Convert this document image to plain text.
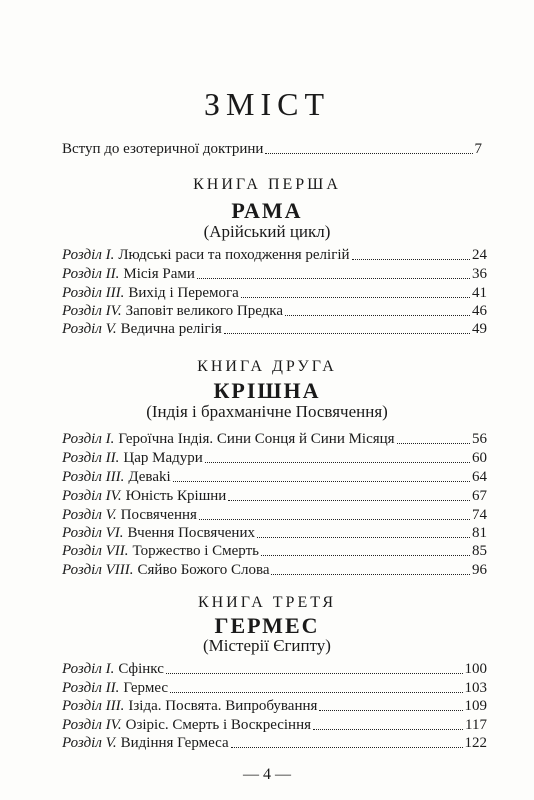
ЗМІСТ
Вступ до езотеричної доктрини	7
КНИГА ПЕРША
РАМА
(Арійський цикл)
Розділ I. Людські раси та походження релігій	24
Розділ II. Місія Рами	36
Розділ III. Вихід і Перемога	41
Розділ IV. Заповіт великого Предка	46
Розділ V. Ведична релігія	49
КНИГА ДРУГА
КРІШНА
(Індія і брахманічне Посвячення)
Розділ I. Героїчна Індія. Сини Сонця й Сини Місяця	56
Розділ II. Цар Мадури	60
Розділ III. Деваki	64
Розділ IV. Юність Крішни	67
Розділ V. Посвячення	74
Розділ VI. Вчення Посвячених	81
Розділ VII. Торжество і Смерть	85
Розділ VIII. Сяйво Божого Слова	96
КНИГА ТРЕТЯ
ГЕРМЕС
(Містерії Єгипту)
Розділ I. Сфінкс	100
Розділ II. Гермес	103
Розділ III. Ізіда. Посвята. Випробування	109
Розділ IV. Озіріс. Смерть і Воскресіння	117
Розділ V. Видіння Гермеса	122
— 4 —
